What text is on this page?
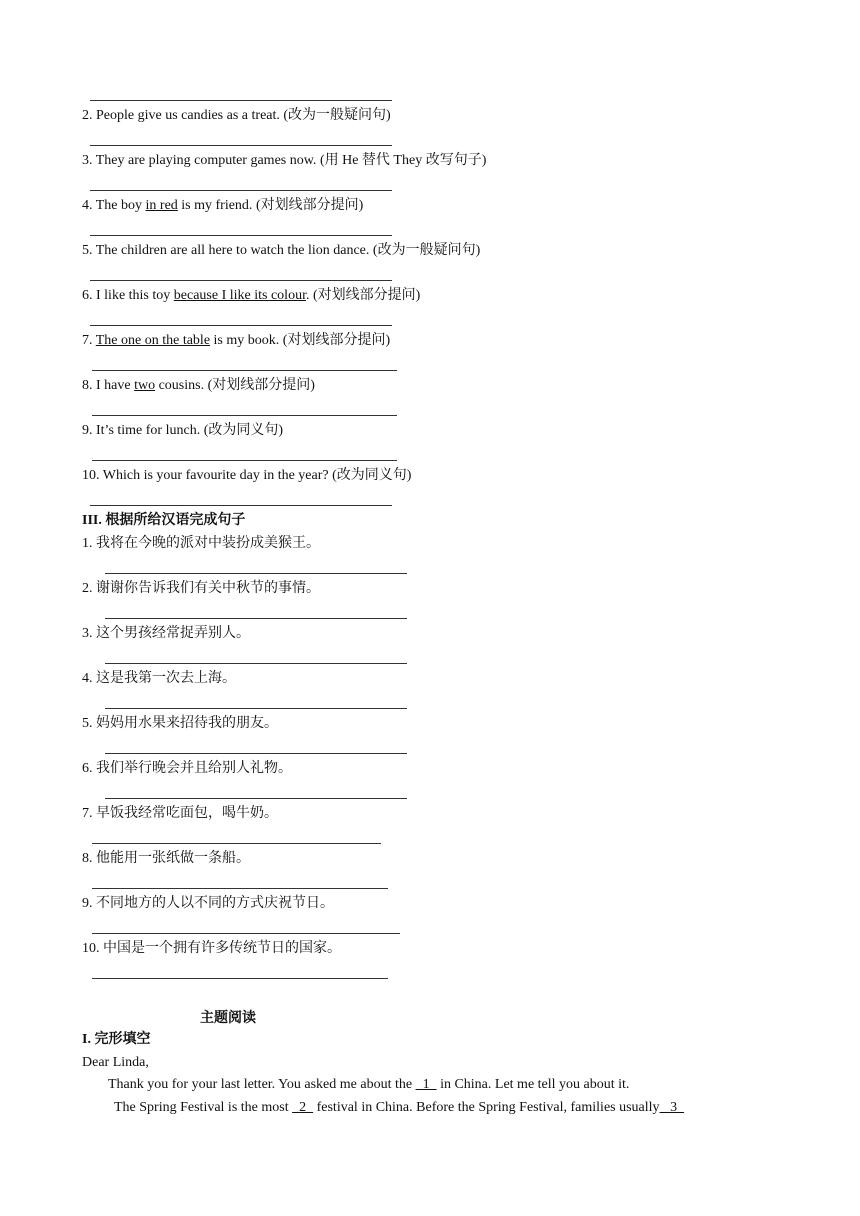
2. People give us candies as a treat. (改为一般疑问句)
3. They are playing computer games now. (用 He 替代 They 改写句子)
4. The boy in red is my friend. (对划线部分提问)
5. The children are all here to watch the lion dance. (改为一般疑问句)
6. I like this toy because I like its colour. (对划线部分提问)
7. The one on the table is my book. (对划线部分提问)
8. I have two cousins. (对划线部分提问)
9. It’s time for lunch. (改为同义句)
10. Which is your favourite day in the year? (改为同义句)
III. 根据所给汉语完成句子
1. 我将在今晚的派对中装扮成美猴王。
2. 谢谢你告诉我们有关中秋节的事情。
3. 这个男孩经常捉弄别人。
4. 这是我第一次去上海。
5. 妈妈用水果来招待我的朋友。
6. 我们举行晚会并且给别人礼物。
7. 早饭我经常吃面包，喝牛奶。
8. 他能用一张纸做一条船。
9. 不同地方的人以不同的方式庆祝节日。
10. 中国是一个拥有许多传统节日的国家。
主题阅读
I. 完形填空
Dear Linda,
Thank you for your last letter. You asked me about the 1 in China. Let me tell you about it.
The Spring Festival is the most 2 festival in China. Before the Spring Festival, families usually 3
